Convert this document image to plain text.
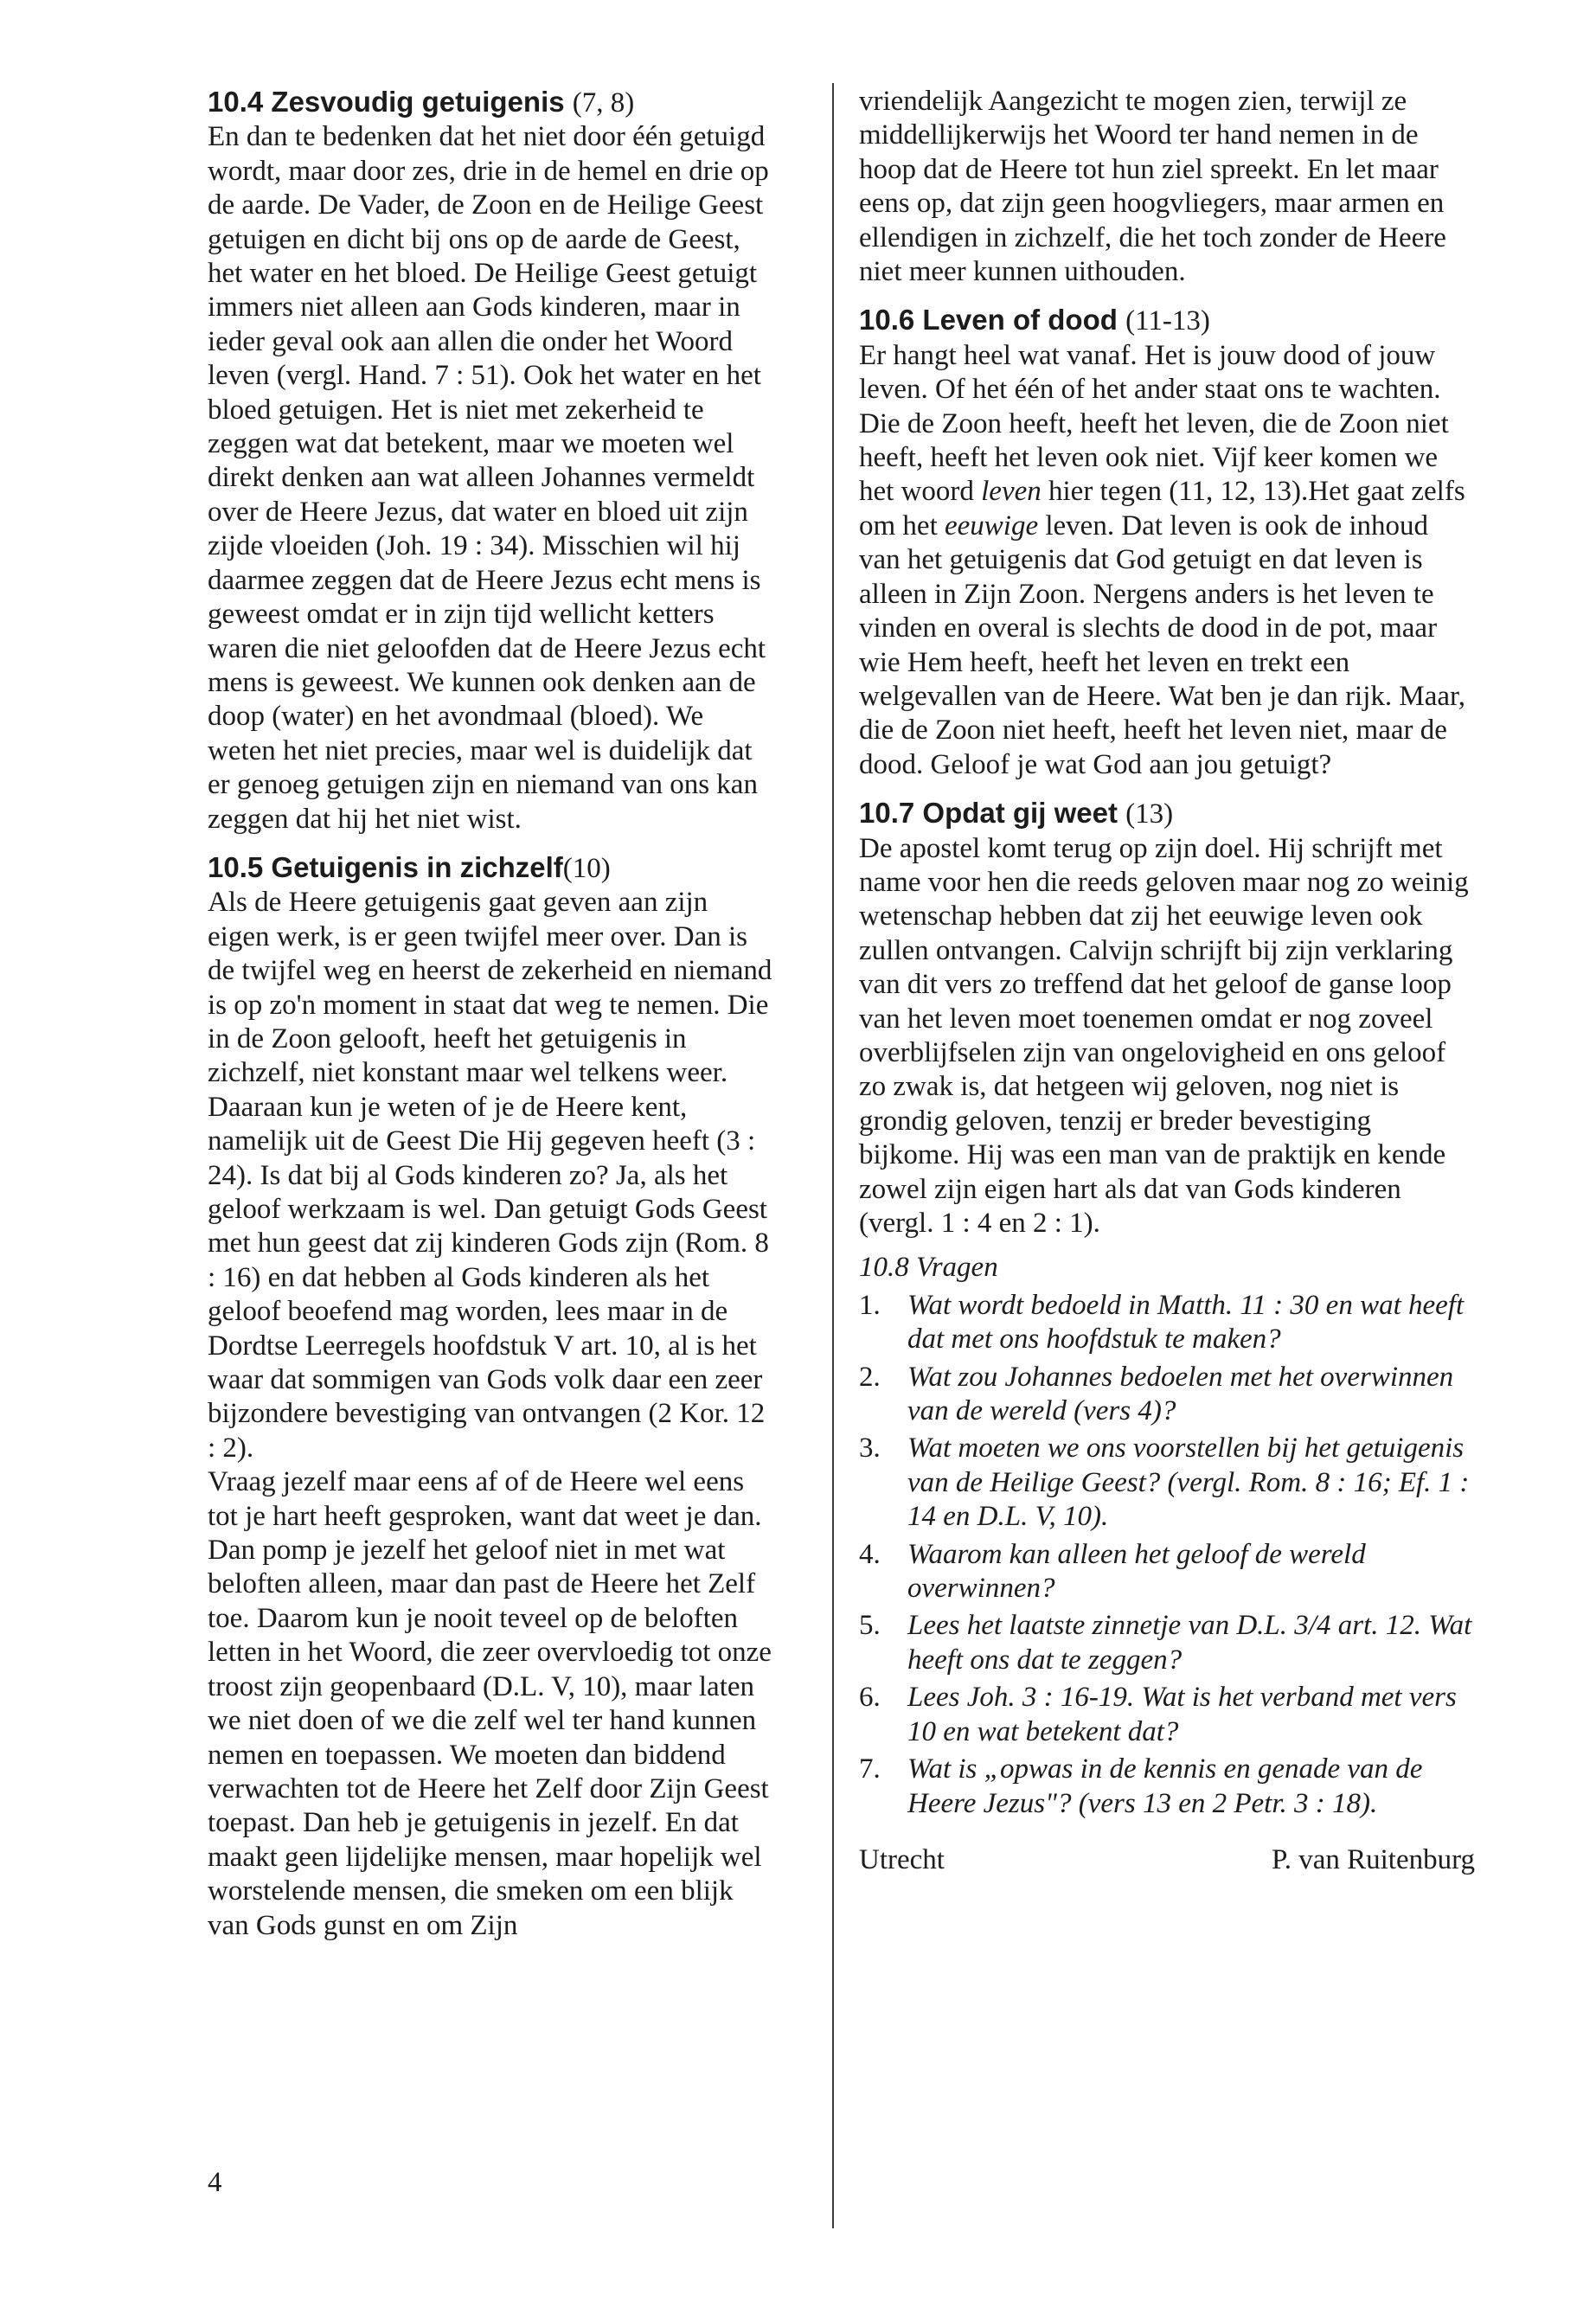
10.4 Zesvoudig getuigenis (7, 8)

En dan te bedenken dat het niet door één getuigd wordt, maar door zes, drie in de hemel en drie op de aarde. De Vader, de Zoon en de Heilige Geest getuigen en dicht bij ons op de aarde de Geest, het water en het bloed. De Heilige Geest getuigt immers niet alleen aan Gods kinderen, maar in ieder geval ook aan allen die onder het Woord leven (vergl. Hand. 7 : 51). Ook het water en het bloed getuigen. Het is niet met zekerheid te zeggen wat dat betekent, maar we moeten wel direkt denken aan wat alleen Johannes vermeldt over de Heere Jezus, dat water en bloed uit zijn zijde vloeiden (Joh. 19 : 34). Misschien wil hij daarmee zeggen dat de Heere Jezus echt mens is geweest omdat er in zijn tijd wellicht ketters waren die niet geloofden dat de Heere Jezus echt mens is geweest. We kunnen ook denken aan de doop (water) en het avondmaal (bloed). We weten het niet precies, maar wel is duidelijk dat er genoeg getuigen zijn en niemand van ons kan zeggen dat hij het niet wist.

10.5 Getuigenis in zichzelf(10)

Als de Heere getuigenis gaat geven aan zijn eigen werk, is er geen twijfel meer over. Dan is de twijfel weg en heerst de zekerheid en niemand is op zo'n moment in staat dat weg te nemen. Die in de Zoon gelooft, heeft het getuigenis in zichzelf, niet konstant maar wel telkens weer. Daaraan kun je weten of je de Heere kent, namelijk uit de Geest Die Hij gegeven heeft (3 : 24). Is dat bij al Gods kinderen zo? Ja, als het geloof werkzaam is wel. Dan getuigt Gods Geest met hun geest dat zij kinderen Gods zijn (Rom. 8 : 16) en dat hebben al Gods kinderen als het geloof beoefend mag worden, lees maar in de Dordtse Leerregels hoofdstuk V art. 10, al is het waar dat sommigen van Gods volk daar een zeer bijzondere bevestiging van ontvangen (2 Kor. 12 : 2).

Vraag jezelf maar eens af of de Heere wel eens tot je hart heeft gesproken, want dat weet je dan. Dan pomp je jezelf het geloof niet in met wat beloften alleen, maar dan past de Heere het Zelf toe. Daarom kun je nooit teveel op de beloften letten in het Woord, die zeer overvloedig tot onze troost zijn geopenbaard (D.L. V, 10), maar laten we niet doen of we die zelf wel ter hand kunnen nemen en toepassen. We moeten dan biddend verwachten tot de Heere het Zelf door Zijn Geest toepast. Dan heb je getuigenis in jezelf. En dat maakt geen lijdelijke mensen, maar hopelijk wel worstelende mensen, die smeken om een blijk van Gods gunst en om Zijn

vriendelijk Aangezicht te mogen zien, terwijl ze middellijkerwijs het Woord ter hand nemen in de hoop dat de Heere tot hun ziel spreekt. En let maar eens op, dat zijn geen hoogvliegers, maar armen en ellendigen in zichzelf, die het toch zonder de Heere niet meer kunnen uithouden.

10.6 Leven of dood (11-13)

Er hangt heel wat vanaf. Het is jouw dood of jouw leven. Of het één of het ander staat ons te wachten. Die de Zoon heeft, heeft het leven, die de Zoon niet heeft, heeft het leven ook niet. Vijf keer komen we het woord leven hier tegen (11, 12, 13).Het gaat zelfs om het eeuwige leven. Dat leven is ook de inhoud van het getuigenis dat God getuigt en dat leven is alleen in Zijn Zoon. Nergens anders is het leven te vinden en overal is slechts de dood in de pot, maar wie Hem heeft, heeft het leven en trekt een welgevallen van de Heere. Wat ben je dan rijk. Maar, die de Zoon niet heeft, heeft het leven niet, maar de dood. Geloof je wat God aan jou getuigt?

10.7 Opdat gij weet (13)

De apostel komt terug op zijn doel. Hij schrijft met name voor hen die reeds geloven maar nog zo weinig wetenschap hebben dat zij het eeuwige leven ook zullen ontvangen. Calvijn schrijft bij zijn verklaring van dit vers zo treffend dat het geloof de ganse loop van het leven moet toenemen omdat er nog zoveel overblijfselen zijn van ongelovigheid en ons geloof zo zwak is, dat hetgeen wij geloven, nog niet is grondig geloven, tenzij er breder bevestiging bijkome. Hij was een man van de praktijk en kende zowel zijn eigen hart als dat van Gods kinderen (vergl. 1 : 4 en 2 : 1).

10.8 Vragen
1. Wat wordt bedoeld in Matth. 11 : 30 en wat heeft dat met ons hoofdstuk te maken?
2. Wat zou Johannes bedoelen met het overwinnen van de wereld (vers 4)?
3. Wat moeten we ons voorstellen bij het getuigenis van de Heilige Geest? (vergl. Rom. 8 : 16; Ef. 1 : 14 en D.L. V, 10).
4. Waarom kan alleen het geloof de wereld overwinnen?
5. Lees het laatste zinnetje van D.L. 3/4 art. 12. Wat heeft ons dat te zeggen?
6. Lees Joh. 3 : 16-19. Wat is het verband met vers 10 en wat betekent dat?
7. Wat is „opwas in de kennis en genade van de Heere Jezus"? (vers 13 en 2 Petr. 3 : 18).
Utrecht	P. van Ruitenburg
4
